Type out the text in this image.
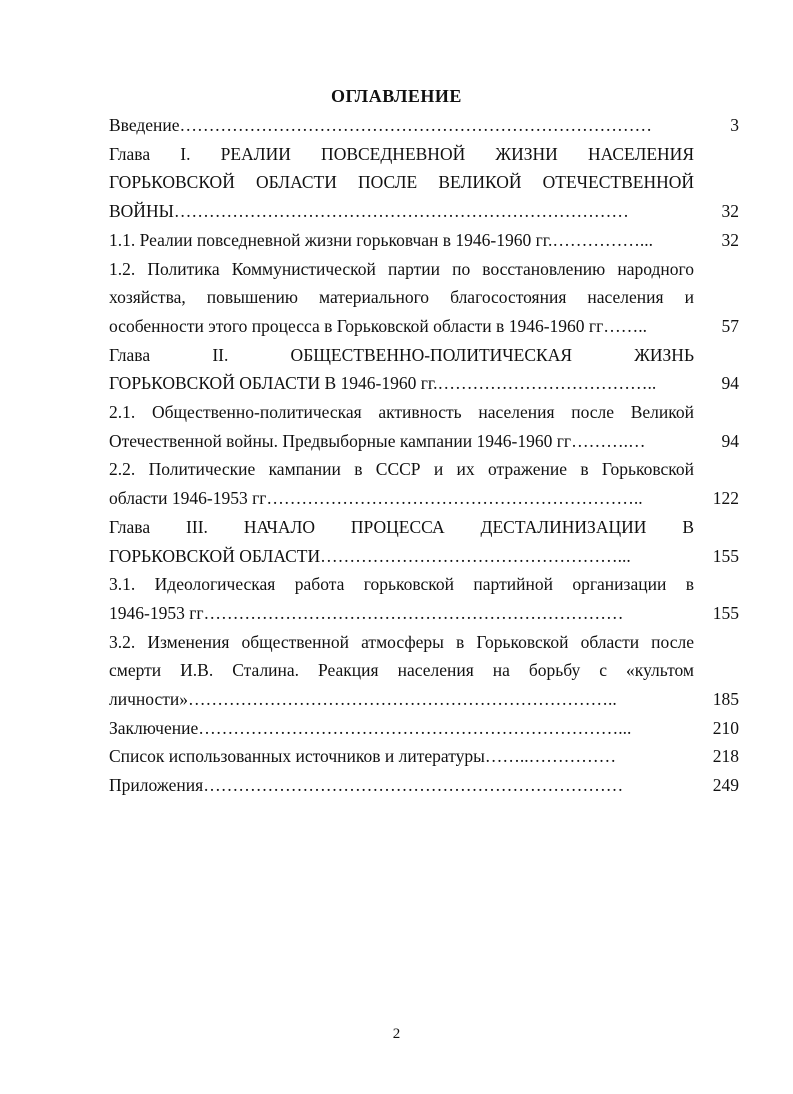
ОГЛАВЛЕНИЕ
Введение………………………………………………………………………	3
Глава I. РЕАЛИИ ПОВСЕДНЕВНОЙ ЖИЗНИ НАСЕЛЕНИЯ
ГОРЬКОВСКОЙ ОБЛАСТИ ПОСЛЕ ВЕЛИКОЙ ОТЕЧЕСТВЕННОЙ
ВОЙНЫ……………………………………………………………………	32
1.1. Реалии повседневной жизни горьковчан в 1946-1960 гг.……………...	32
1.2. Политика Коммунистической партии по восстановлению народного
хозяйства, повышению материального благосостояния населения и
особенности этого процесса в Горьковской области в 1946-1960 гг……..	57
Глава II. ОБЩЕСТВЕННО-ПОЛИТИЧЕСКАЯ ЖИЗНЬ
ГОРЬКОВСКОЙ ОБЛАСТИ В 1946-1960 гг.………………………………..	94
2.1. Общественно-политическая активность населения после Великой
Отечественной войны. Предвыборные кампании 1946-1960 гг……….…	94
2.2. Политические кампании в СССР и их отражение в Горьковской
области 1946-1953 гг………………………………………………………..	122
Глава III. НАЧАЛО ПРОЦЕССА ДЕСТАЛИНИЗАЦИИ В
ГОРЬКОВСКОЙ ОБЛАСТИ……………………………………………...	155
3.1. Идеологическая работа горьковской партийной организации в
1946-1953 гг………………………………………………………………	155
3.2. Изменения общественной атмосферы в Горьковской области после
смерти И.В. Сталина. Реакция населения на борьбу с «культом
личности»………………………………………………………………..	185
Заключение………………………………………………………………...	210
Список использованных источников и литературы……..……………	218
Приложения………………………………………………………………	249
2
